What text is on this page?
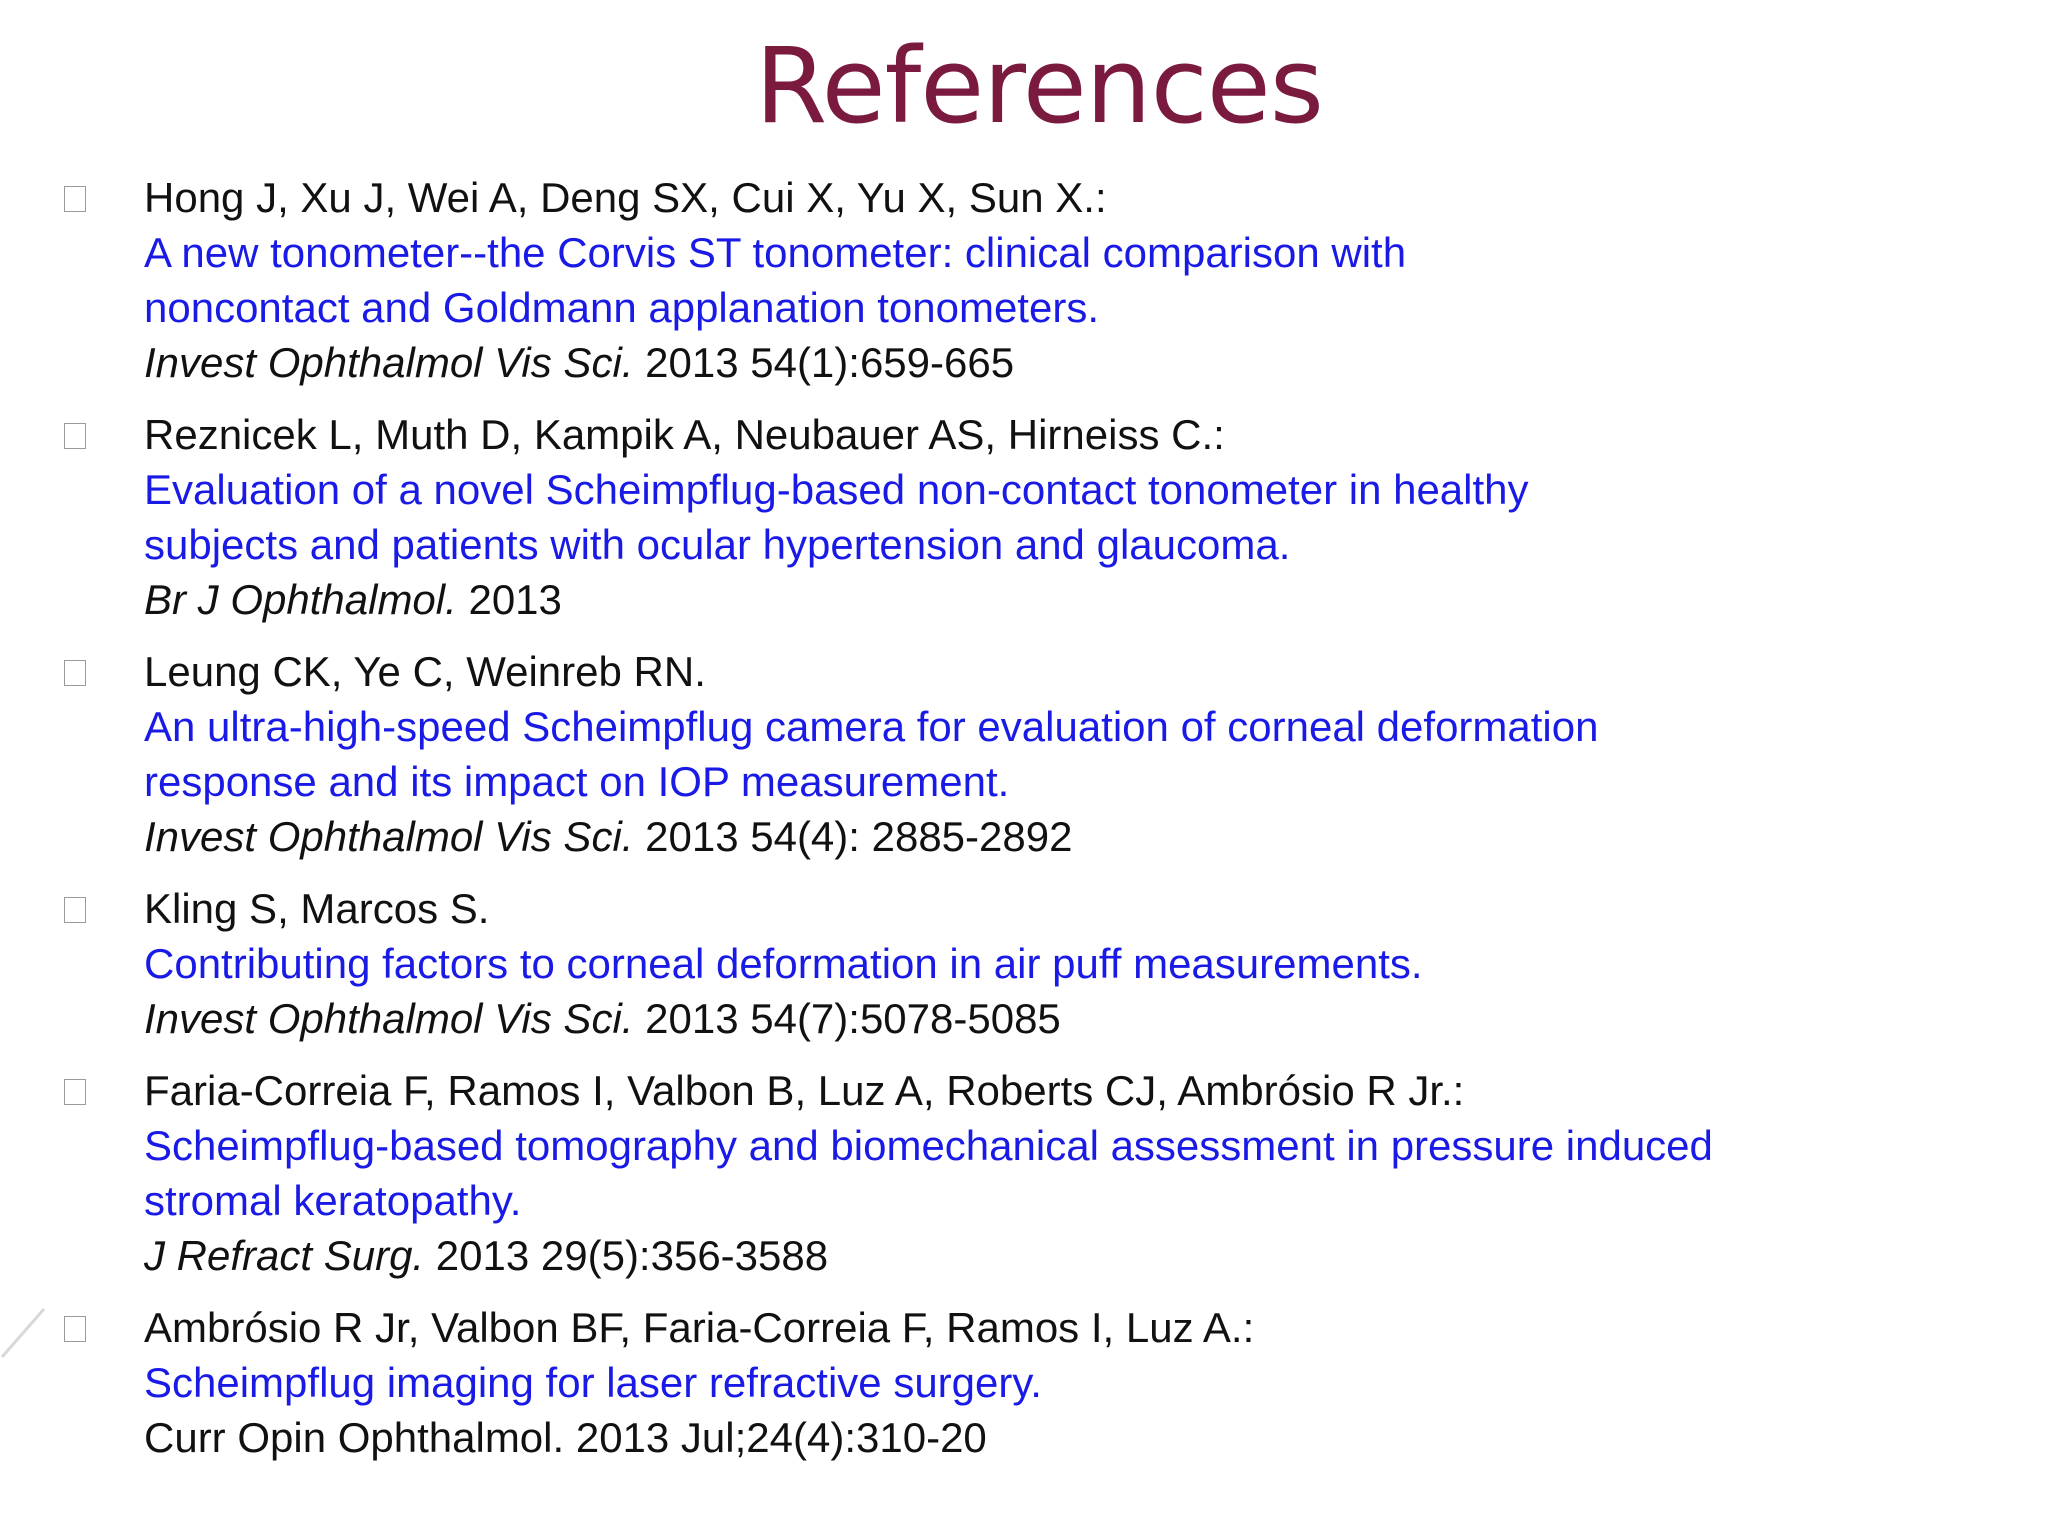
References
Hong J, Xu J, Wei A, Deng SX, Cui X, Yu X, Sun X.:
A new tonometer--the Corvis ST tonometer: clinical comparison with
noncontact and Goldmann applanation tonometers.
Invest Ophthalmol Vis Sci. 2013 54(1):659-665
Reznicek L, Muth D, Kampik A, Neubauer AS, Hirneiss C.:
Evaluation of a novel Scheimpflug-based non-contact tonometer in healthy
subjects and patients with ocular hypertension and glaucoma.
Br J Ophthalmol. 2013
Leung CK, Ye C, Weinreb RN.
An ultra-high-speed Scheimpflug camera for evaluation of corneal deformation
response and its impact on IOP measurement.
Invest Ophthalmol Vis Sci. 2013 54(4): 2885-2892
Kling S, Marcos S.
Contributing factors to corneal deformation in air puff measurements.
Invest Ophthalmol Vis Sci. 2013 54(7):5078-5085
Faria-Correia F, Ramos I, Valbon B, Luz A, Roberts CJ, Ambrósio R Jr.:
Scheimpflug-based tomography and biomechanical assessment in pressure induced
stromal keratopathy.
J Refract Surg. 2013 29(5):356-3588
Ambrósio R Jr, Valbon BF, Faria-Correia F, Ramos I, Luz A.:
Scheimpflug imaging for laser refractive surgery.
Curr Opin Ophthalmol. 2013 Jul;24(4):310-20
